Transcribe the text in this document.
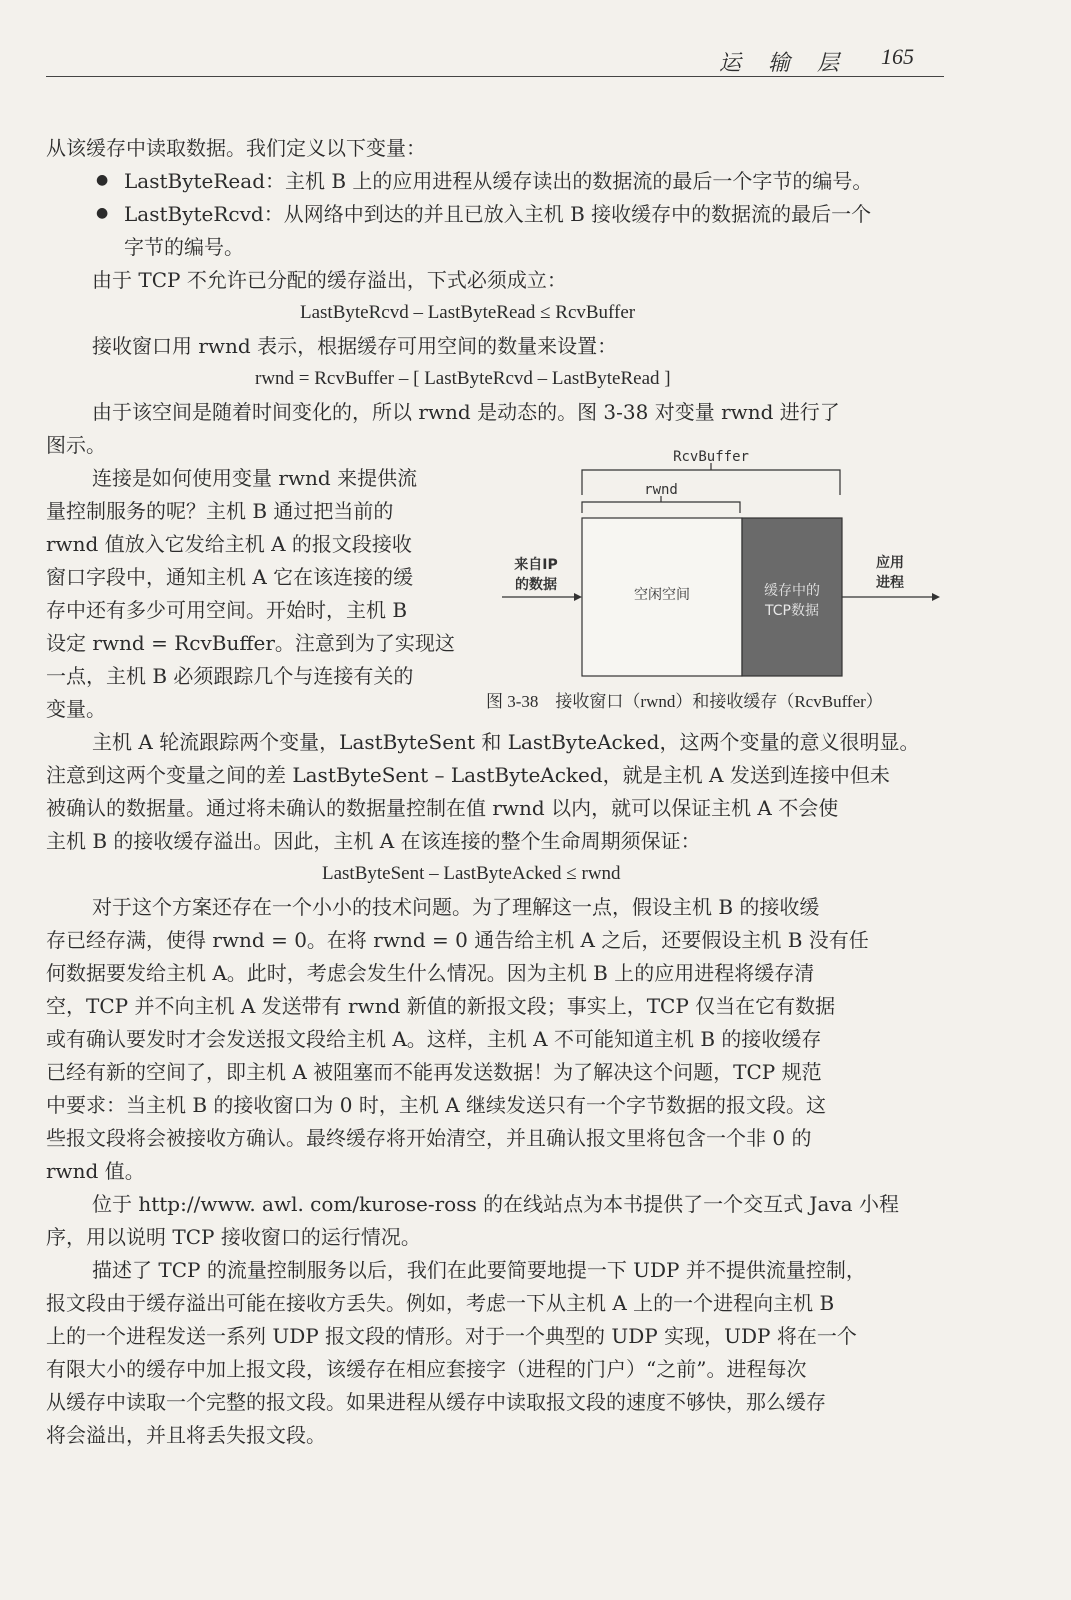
运 输 层 165

从该缓存中读取数据。我们定义以下变量：

● LastByteRead：主机 B 上的应用进程从缓存读出的数据流的最后一个字节的编号。

● LastByteRcvd：从网络中到达的并且已放入主机 B 接收缓存中的数据流的最后一个

字节的编号。

由于 TCP 不允许已分配的缓存溢出，下式必须成立：

LastByteRcvd – LastByteRead ≤ RcvBuffer

接收窗口用 rwnd 表示，根据缓存可用空间的数量来设置：

rwnd = RcvBuffer – [ LastByteRcvd – LastByteRead ]

由于该空间是随着时间变化的，所以 rwnd 是动态的。图 3-38 对变量 rwnd 进行了

图示。

连接是如何使用变量 rwnd 来提供流

量控制服务的呢？主机 B 通过把当前的

rwnd 值放入它发给主机 A 的报文段接收

窗口字段中，通知主机 A 它在该连接的缓

存中还有多少可用空间。开始时，主机 B

设定 rwnd = RcvBuffer。注意到为了实现这

一点，主机 B 必须跟踪几个与连接有关的

变量。

RcvBuffer
rwnd
空闲空间	缓存中的
TCP数据
来自IP
的数据
应用
进程

图 3-38　接收窗口（rwnd）和接收缓存（RcvBuffer）

主机 A 轮流跟踪两个变量，LastByteSent 和 LastByteAcked，这两个变量的意义很明显。

注意到这两个变量之间的差 LastByteSent – LastByteAcked，就是主机 A 发送到连接中但未

被确认的数据量。通过将未确认的数据量控制在值 rwnd 以内，就可以保证主机 A 不会使

主机 B 的接收缓存溢出。因此，主机 A 在该连接的整个生命周期须保证：

LastByteSent – LastByteAcked ≤ rwnd

对于这个方案还存在一个小小的技术问题。为了理解这一点，假设主机 B 的接收缓

存已经存满，使得 rwnd = 0。在将 rwnd = 0 通告给主机 A 之后，还要假设主机 B 没有任

何数据要发给主机 A。此时，考虑会发生什么情况。因为主机 B 上的应用进程将缓存清

空，TCP 并不向主机 A 发送带有 rwnd 新值的新报文段；事实上，TCP 仅当在它有数据

或有确认要发时才会发送报文段给主机 A。这样，主机 A 不可能知道主机 B 的接收缓存

已经有新的空间了，即主机 A 被阻塞而不能再发送数据！为了解决这个问题，TCP 规范

中要求：当主机 B 的接收窗口为 0 时，主机 A 继续发送只有一个字节数据的报文段。这

些报文段将会被接收方确认。最终缓存将开始清空，并且确认报文里将包含一个非 0 的

rwnd 值。

位于 http://www. awl. com/kurose-ross 的在线站点为本书提供了一个交互式 Java 小程

序，用以说明 TCP 接收窗口的运行情况。

描述了 TCP 的流量控制服务以后，我们在此要简要地提一下 UDP 并不提供流量控制，

报文段由于缓存溢出可能在接收方丢失。例如，考虑一下从主机 A 上的一个进程向主机 B

上的一个进程发送一系列 UDP 报文段的情形。对于一个典型的 UDP 实现，UDP 将在一个

有限大小的缓存中加上报文段，该缓存在相应套接字（进程的门户）“之前”。进程每次

从缓存中读取一个完整的报文段。如果进程从缓存中读取报文段的速度不够快，那么缓存

将会溢出，并且将丢失报文段。
